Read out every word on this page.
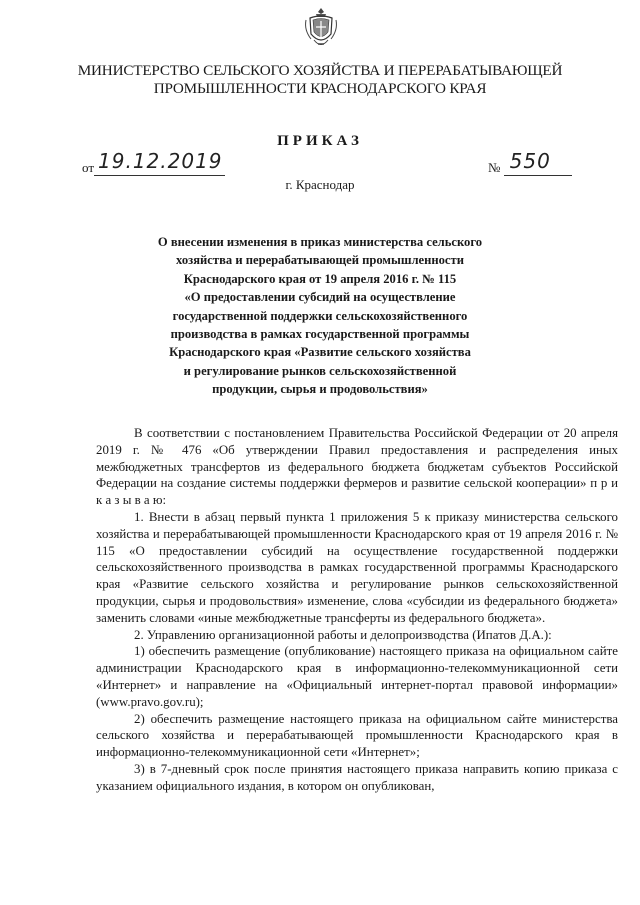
МИНИСТЕРСТВО СЕЛЬСКОГО ХОЗЯЙСТВА И ПЕРЕРАБАТЫВАЮЩЕЙ
ПРОМЫШЛЕННОСТИ КРАСНОДАРСКОГО КРАЯ
ПРИКАЗ
от 19.12.2019	№ 550
г. Краснодар
О внесении изменения в приказ министерства сельского
хозяйства и перерабатывающей промышленности
Краснодарского края от 19 апреля 2016 г. № 115
«О предоставлении субсидий на осуществление
государственной поддержки сельскохозяйственного
производства в рамках государственной программы
Краснодарского края «Развитие сельского хозяйства
и регулирование рынков сельскохозяйственной
продукции, сырья и продовольствия»

В соответствии с постановлением Правительства Российской Федерации от 20 апреля 2019 г. № 476 «Об утверждении Правил предоставления и распределения иных межбюджетных трансфертов из федерального бюджета бюджетам субъектов Российской Федерации на создание системы поддержки фермеров и развитие сельской кооперации» п р и к а з ы в а ю:

1. Внести в абзац первый пункта 1 приложения 5 к приказу министерства сельского хозяйства и перерабатывающей промышленности Краснодарского края от 19 апреля 2016 г. № 115 «О предоставлении субсидий на осуществление государственной поддержки сельскохозяйственного производства в рамках государственной программы Краснодарского края «Развитие сельского хозяйства и регулирование рынков сельскохозяйственной продукции, сырья и продовольствия» изменение, слова «субсидии из федерального бюджета» заменить словами «иные межбюджетные трансферты из федерального бюджета».

2. Управлению организационной работы и делопроизводства (Ипатов Д.А.):

1) обеспечить размещение (опубликование) настоящего приказа на официальном сайте администрации Краснодарского края в информационно-телекоммуникационной сети «Интернет» и направление на «Официальный интернет-портал правовой информации» (www.pravo.gov.ru);

2) обеспечить размещение настоящего приказа на официальном сайте министерства сельского хозяйства и перерабатывающей промышленности Краснодарского края в информационно-телекоммуникационной сети «Интернет»;

3) в 7-дневный срок после принятия настоящего приказа направить копию приказа с указанием официального издания, в котором он опубликован,
